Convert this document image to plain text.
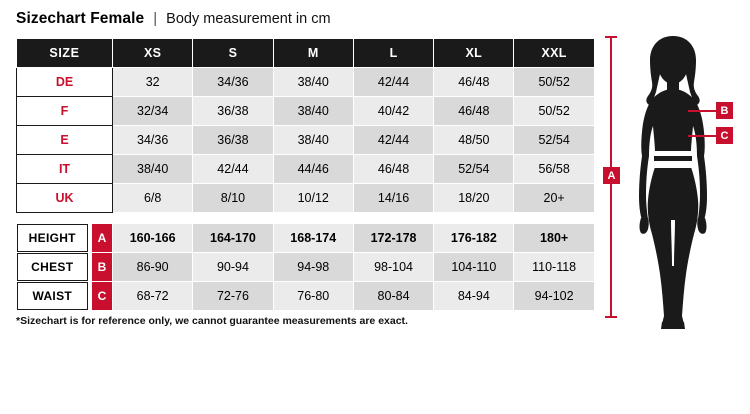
Sizechart Female | Body measurement in cm
SIZE	XS	S	M	L	XL	XXL
DE	32	34/36	38/40	42/44	46/48	50/52
F	32/34	36/38	38/40	40/42	46/48	50/52
E	34/36	36/38	38/40	42/44	48/50	52/54
IT	38/40	42/44	44/46	46/48	52/54	56/58
UK	6/8	8/10	10/12	14/16	18/20	20+

HEIGHT A	160-166	164-170	168-174	172-178	176-182	180+

CHEST B	86-90	90-94	94-98	98-104	104-110	110-118

WAIST C	68-72	72-76	76-80	80-84	84-94	94-102
*Sizechart is for reference only, we cannot guarantee measurements are exact.
A
B
C
